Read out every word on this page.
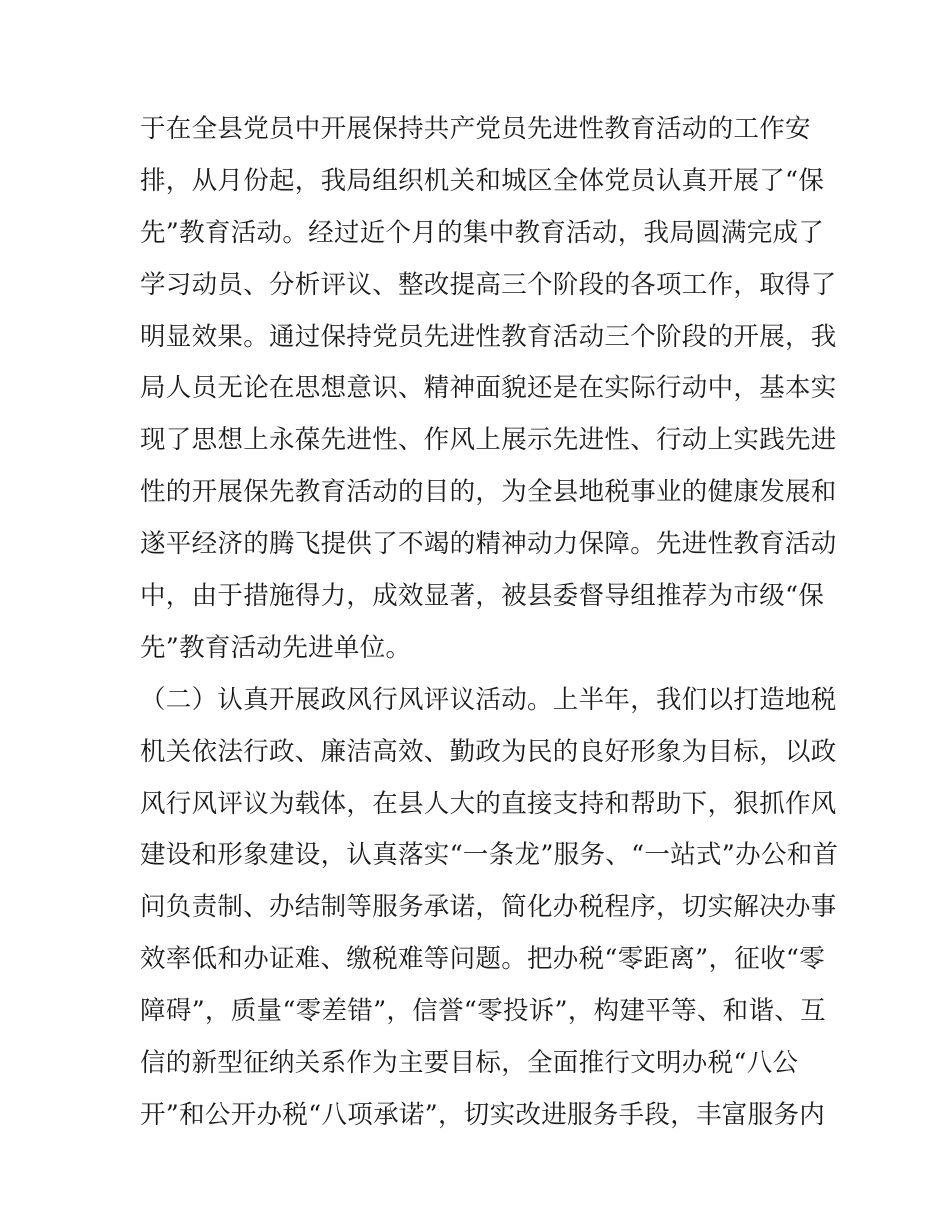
于在全县党员中开展保持共产党员先进性教育活动的工作安
排，从月份起，我局组织机关和城区全体党员认真开展了“保
先”教育活动。经过近个月的集中教育活动，我局圆满完成了
学习动员、分析评议、整改提高三个阶段的各项工作，取得了
明显效果。通过保持党员先进性教育活动三个阶段的开展，我
局人员无论在思想意识、精神面貌还是在实际行动中，基本实
现了思想上永葆先进性、作风上展示先进性、行动上实践先进
性的开展保先教育活动的目的，为全县地税事业的健康发展和
遂平经济的腾飞提供了不竭的精神动力保障。先进性教育活动
中，由于措施得力，成效显著，被县委督导组推荐为市级“保
先”教育活动先进单位。
（二）认真开展政风行风评议活动。上半年，我们以打造地税
机关依法行政、廉洁高效、勤政为民的良好形象为目标，以政
风行风评议为载体，在县人大的直接支持和帮助下，狠抓作风
建设和形象建设，认真落实“一条龙”服务、“一站式”办公和首
问负责制、办结制等服务承诺，简化办税程序，切实解决办事
效率低和办证难、缴税难等问题。把办税“零距离”，征收“零
障碍”，质量“零差错”，信誉“零投诉”，构建平等、和谐、互
信的新型征纳关系作为主要目标，全面推行文明办税“八公
开”和公开办税“八项承诺”，切实改进服务手段，丰富服务内
